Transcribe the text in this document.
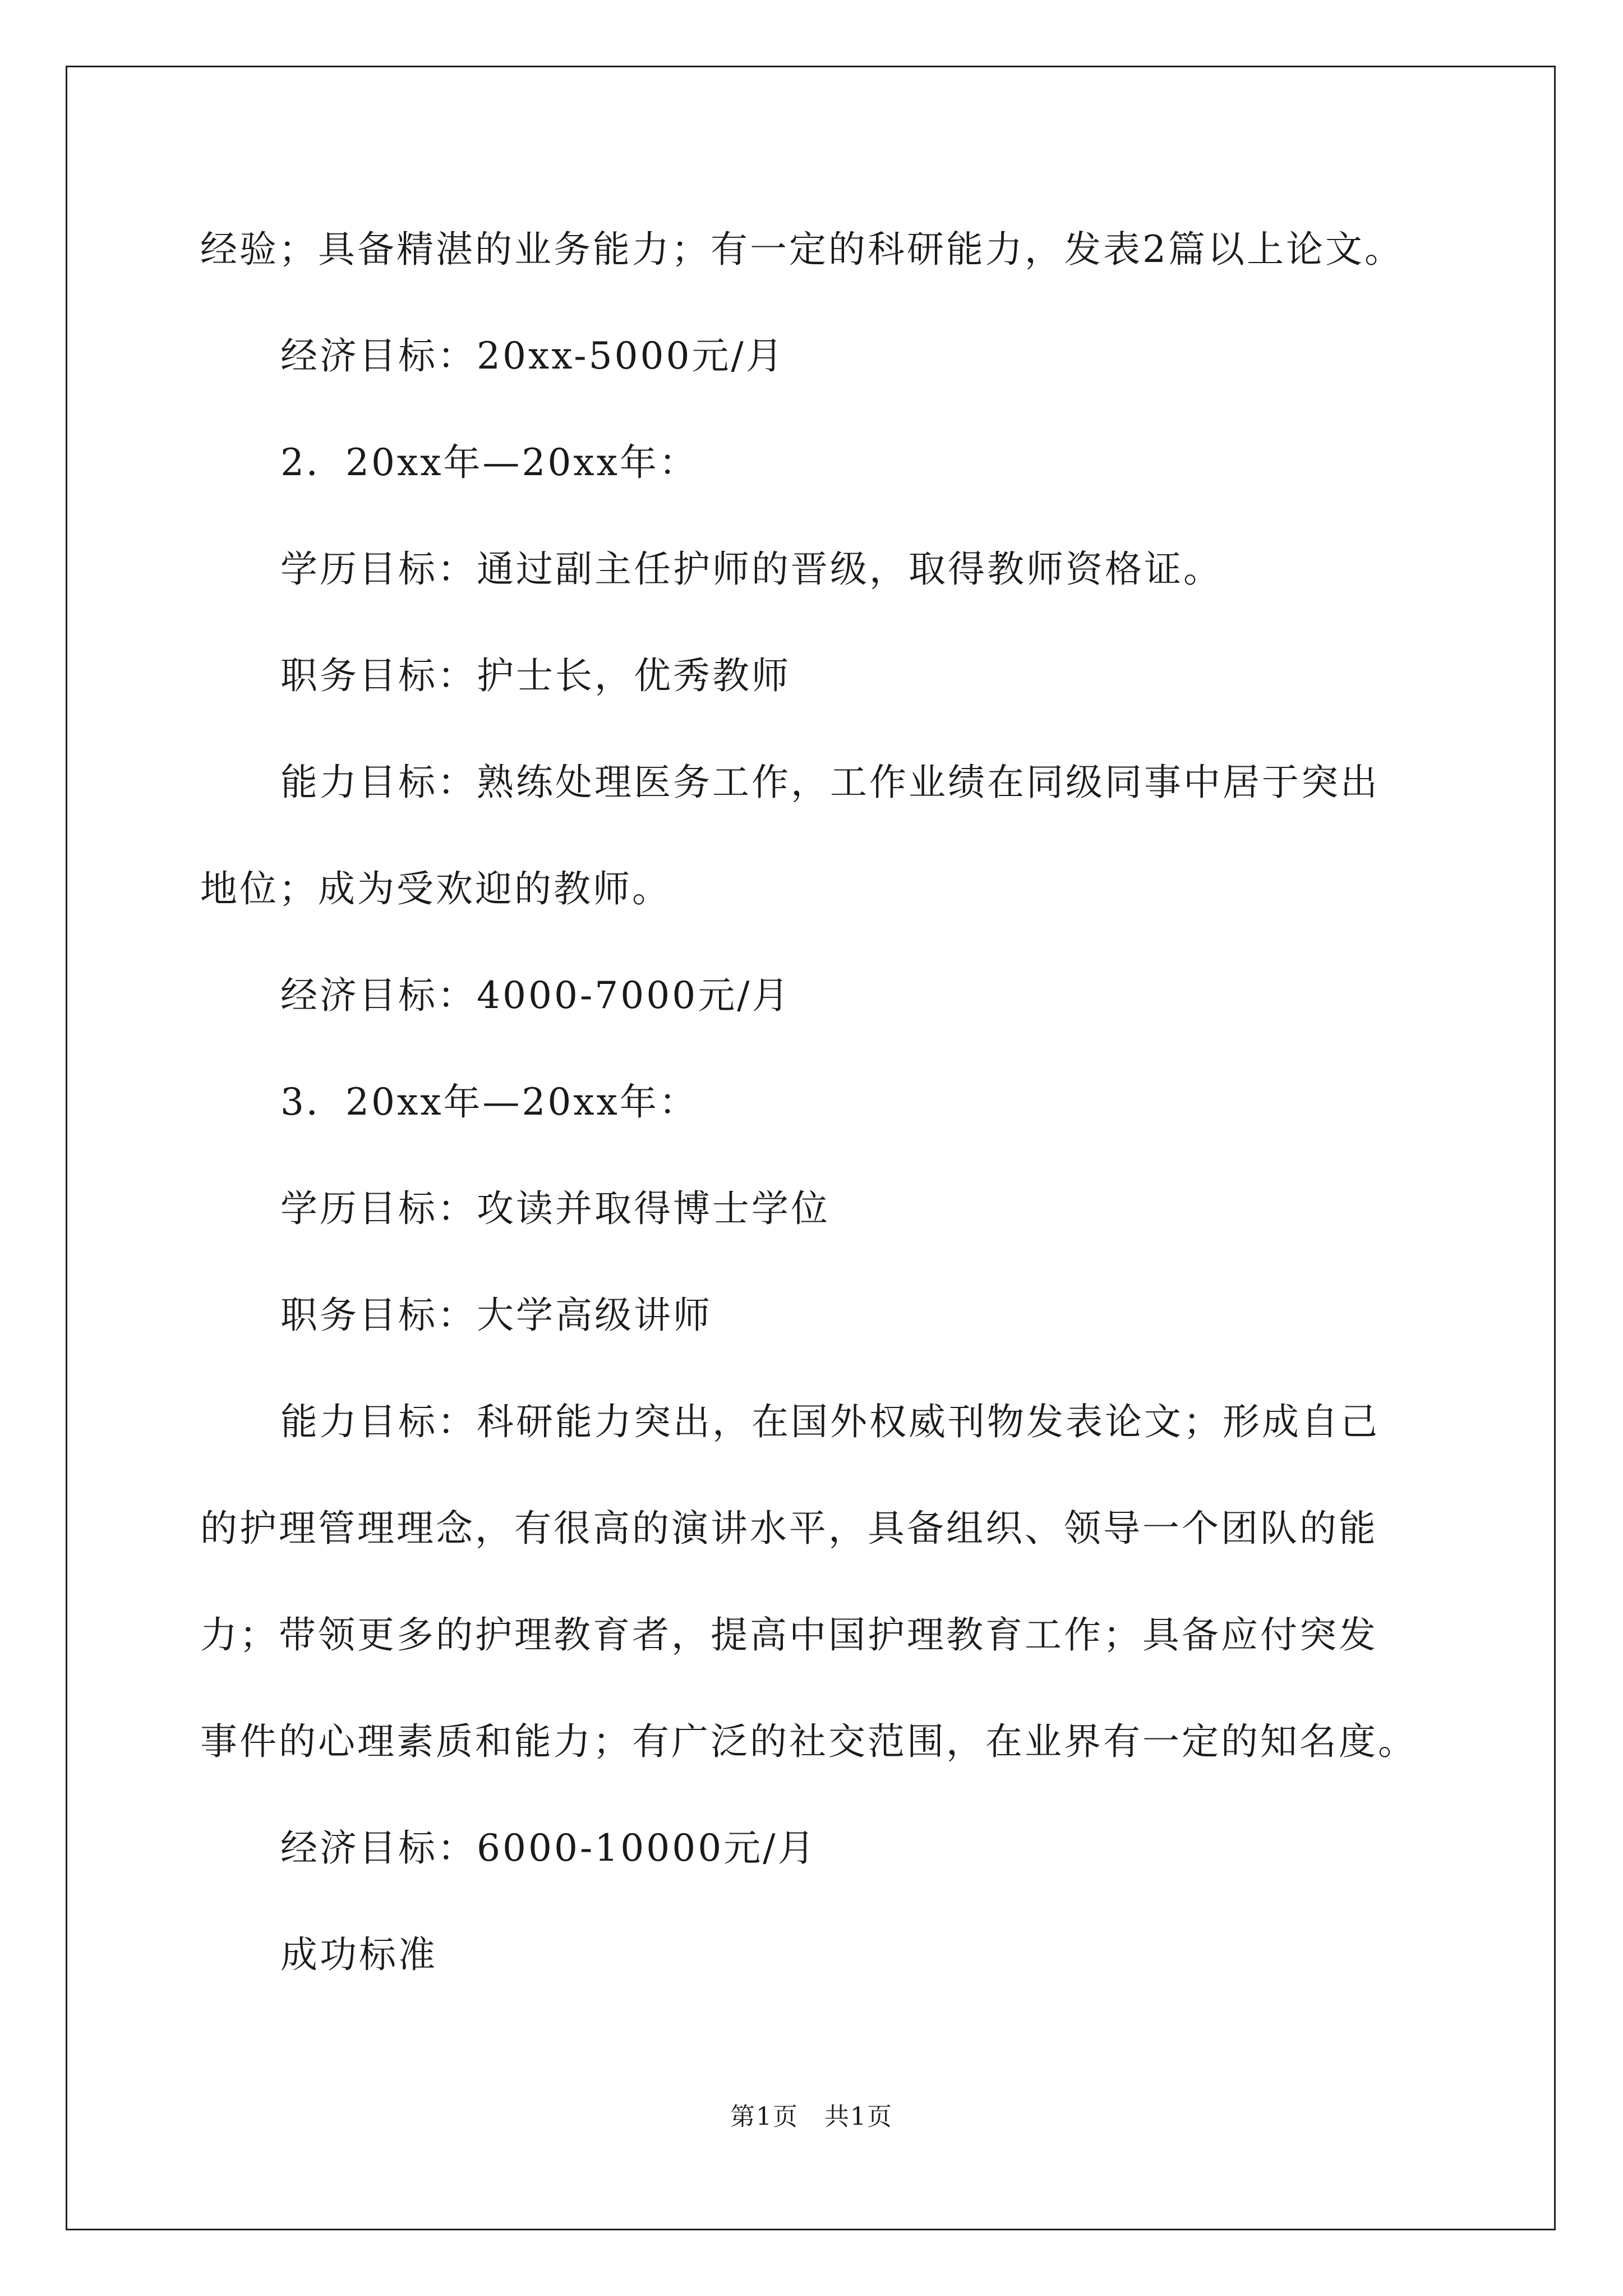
经验；具备精湛的业务能力；有一定的科研能力，发表2篇以上论文。
经济目标：20xx-5000元/月
2．20xx年—20xx年：
学历目标：通过副主任护师的晋级，取得教师资格证。
职务目标：护士长，优秀教师
能力目标：熟练处理医务工作，工作业绩在同级同事中居于突出
地位；成为受欢迎的教师。
经济目标：4000-7000元/月
3．20xx年—20xx年：
学历目标：攻读并取得博士学位
职务目标：大学高级讲师
能力目标：科研能力突出，在国外权威刊物发表论文；形成自己
的护理管理理念，有很高的演讲水平，具备组织、领导一个团队的能
力；带领更多的护理教育者，提高中国护理教育工作；具备应付突发
事件的心理素质和能力；有广泛的社交范围，在业界有一定的知名度。
经济目标：6000-10000元/月
成功标准
第1页　共1页
